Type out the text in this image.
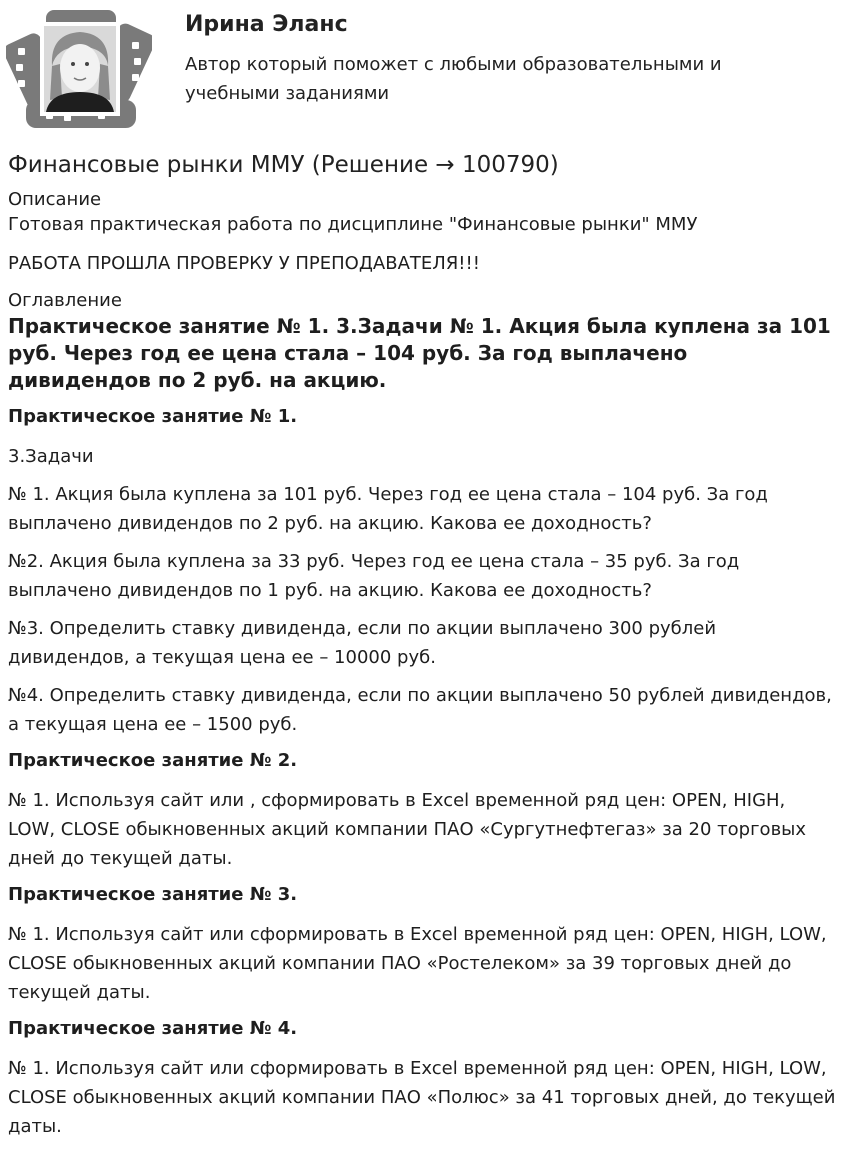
Ирина Эланс
Автор который поможет с любыми образовательными и учебными заданиями
Финансовые рынки ММУ (Решение → 100790)

Описание

Готовая практическая работа по дисциплине "Финансовые рынки" ММУ

РАБОТА ПРОШЛА ПРОВЕРКУ У ПРЕПОДАВАТЕЛЯ!!!

Оглавление

Практическое занятие № 1. 3.Задачи № 1. Акция была куплена за 101 руб. Через год ее цена стала – 104 руб. За год выплачено дивидендов по 2 руб. на акцию.

Практическое занятие № 1.

3.Задачи

№ 1. Акция была куплена за 101 руб. Через год ее цена стала – 104 руб. За год выплачено дивидендов по 2 руб. на акцию. Какова ее доходность?

№2. Акция была куплена за 33 руб. Через год ее цена стала – 35 руб. За год выплачено дивидендов по 1 руб. на акцию. Какова ее доходность?

№3. Определить ставку дивиденда, если по акции выплачено 300 рублей дивидендов, а текущая цена ее – 10000 руб.

№4. Определить ставку дивиденда, если по акции выплачено 50 рублей дивидендов, а текущая цена ее – 1500 руб.

Практическое занятие № 2.

№ 1. Используя сайт или , сформировать в Excel временной ряд цен: OPEN, HIGH, LOW, CLOSE обыкновенных акций компании ПАО «Сургутнефтегаз» за 20 торговых дней до текущей даты.

Практическое занятие № 3.

№ 1. Используя сайт или сформировать в Excel временной ряд цен: OPEN, HIGH, LOW, CLOSE обыкновенных акций компании ПАО «Ростелеком» за 39 торговых дней до текущей даты.

Практическое занятие № 4.

№ 1. Используя сайт или сформировать в Excel временной ряд цен: OPEN, HIGH, LOW, CLOSE обыкновенных акций компании ПАО «Полюс» за 41 торговых дней, до текущей даты.
